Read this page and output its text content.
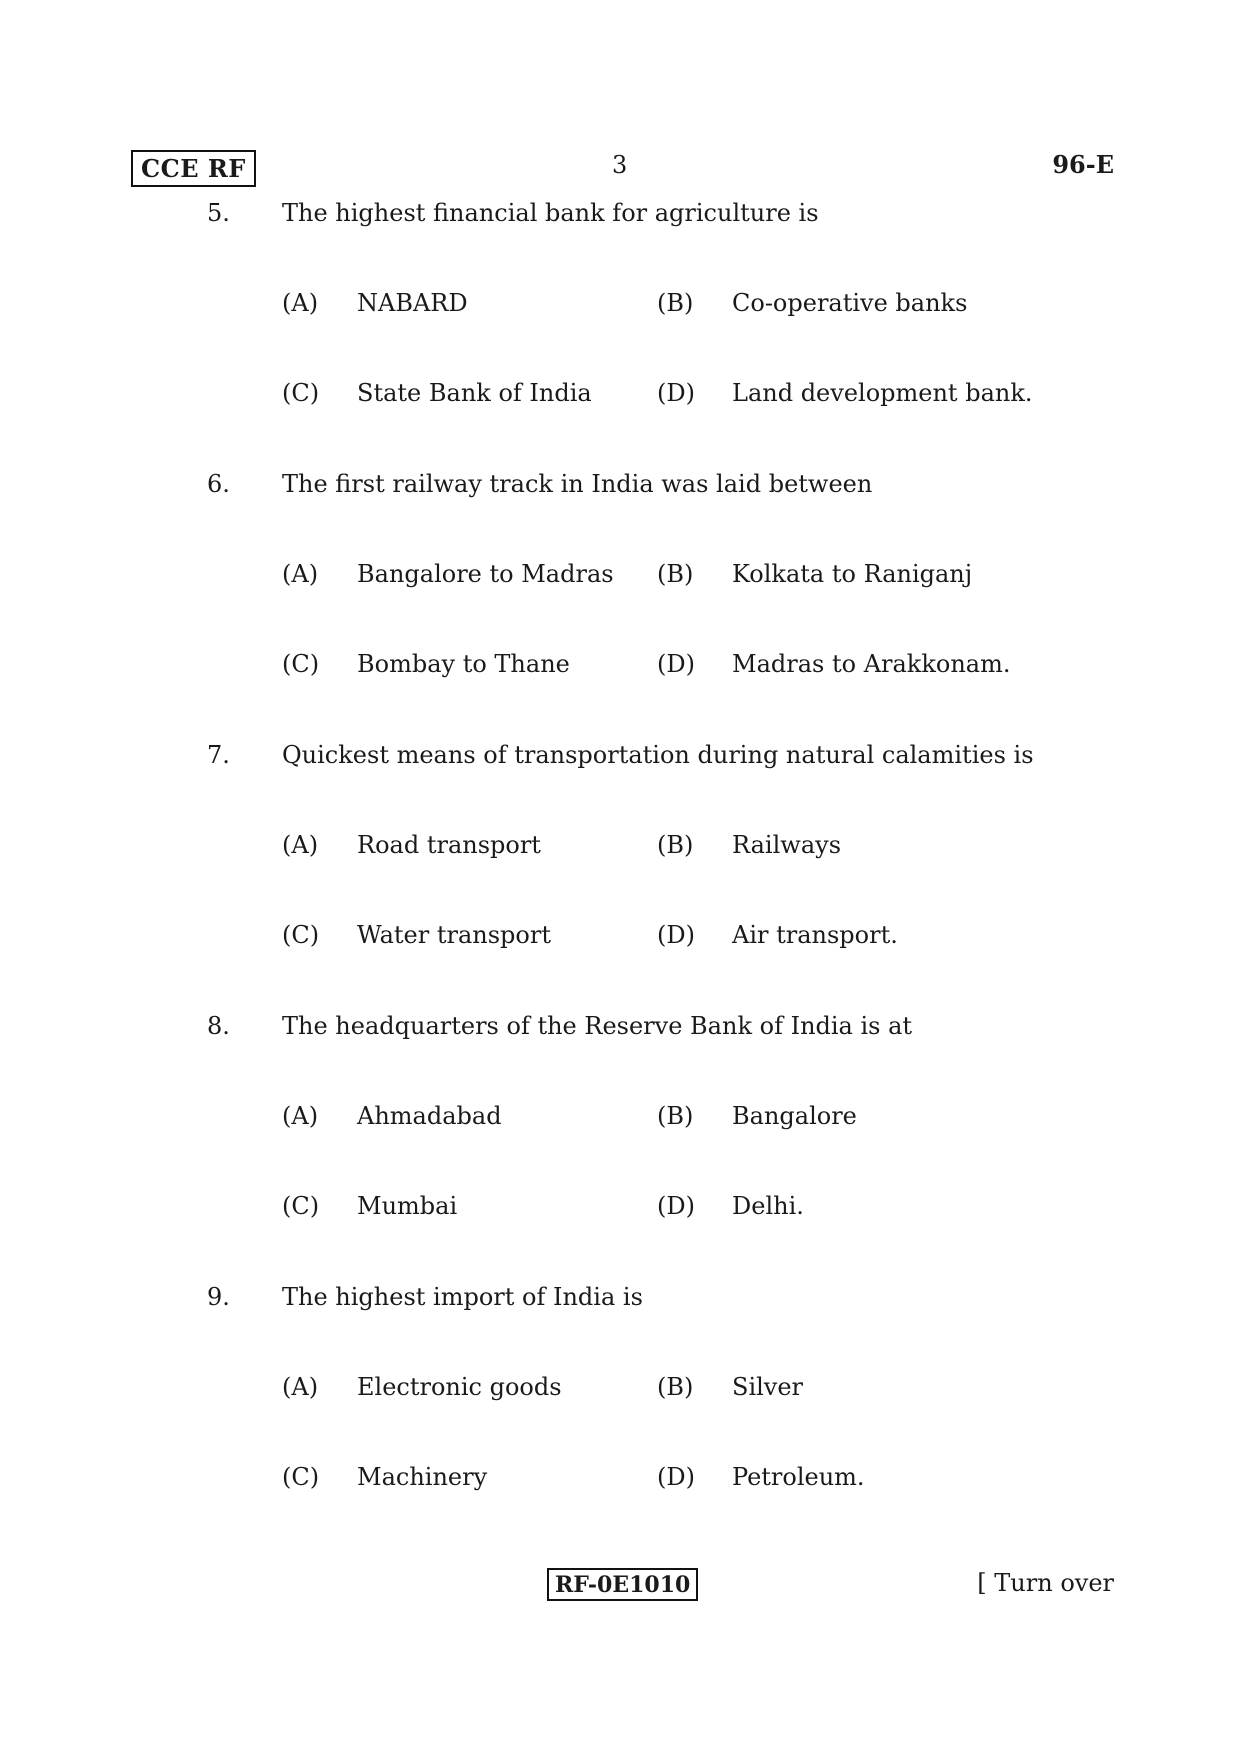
CCE RF	3	96-E
5. The highest financial bank for agriculture is
(A) NABARD	(B) Co-operative banks
(C) State Bank of India	(D) Land development bank.
6. The first railway track in India was laid between
(A) Bangalore to Madras (B) Kolkata to Raniganj
(C) Bombay to Thane	(D) Madras to Arakkonam.
7. Quickest means of transportation during natural calamities is
(A) Road transport	(B) Railways
(C) Water transport	(D) Air transport.
8. The headquarters of the Reserve Bank of India is at
(A) Ahmadabad	(B) Bangalore
(C) Mumbai	(D) Delhi.
9. The highest import of India is
(A) Electronic goods	(B) Silver
(C) Machinery	(D) Petroleum.
RF-0E1010	[ Turn over
